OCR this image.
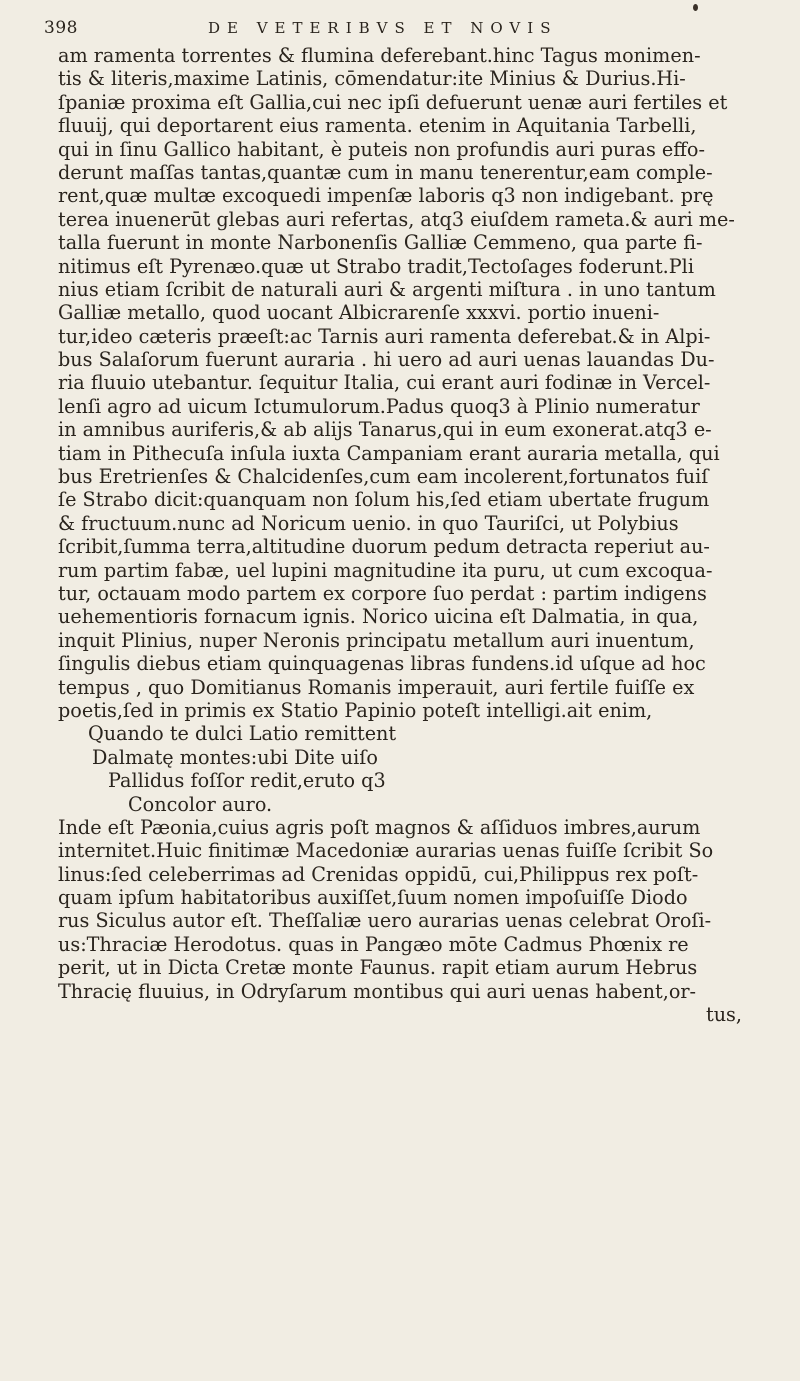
398	DE VETERIBVS ET NOVIS
am ramenta torrentes & flumina deferebant.hinc Tagus monimen-
tis & literis,maxime Latinis, cōmendatur:ite Minius & Durius.Hi-
ſpaniæ proxima eſt Gallia,cui nec ipſi defuerunt uenæ auri fertiles et
fluuij, qui deportarent eius ramenta. etenim in Aquitania Tarbelli,
qui in ſinu Gallico habitant, è puteis non profundis auri puras effo-
derunt maſſas tantas,quantæ cum in manu tenerentur,eam comple-
rent,quæ multæ excoquedi impenſæ laboris q3 non indigebant. prę
terea inuenerūt glebas auri refertas, atq3 eiuſdem rameta.& auri me-
talla fuerunt in monte Narbonenſis Galliæ Cemmeno, qua parte fi-
nitimus eſt Pyrenæo.quæ ut Strabo tradit,Tectoſages foderunt.Pli
nius etiam ſcribit de naturali auri & argenti miſtura . in uno tantum
Galliæ metallo, quod uocant Albicrarenſe xxxvi. portio inueni-
tur,ideo cæteris præeſt:ac Tarnis auri ramenta deferebat.& in Alpi-
bus Salaſorum fuerunt auraria . hi uero ad auri uenas lauandas Du-
ria fluuio utebantur. ſequitur Italia, cui erant auri fodinæ in Vercel-
lenſi agro ad uicum Ictumulorum.Padus quoq3 à Plinio numeratur
in amnibus auriferis,& ab alijs Tanarus,qui in eum exonerat.atq3 e-
tiam in Pithecuſa inſula iuxta Campaniam erant auraria metalla, qui
bus Eretrienſes & Chalcidenſes,cum eam incolerent,fortunatos fuiſ
ſe Strabo dicit:quanquam non ſolum his,ſed etiam ubertate frugum
& fructuum.nunc ad Noricum uenio. in quo Tauriſci, ut Polybius
ſcribit,ſumma terra,altitudine duorum pedum detracta reperiut au-
rum partim fabæ, uel lupini magnitudine ita puru, ut cum excoqua-
tur, octauam modo partem ex corpore ſuo perdat : partim indigens
uehementioris fornacum ignis. Norico uicina eſt Dalmatia, in qua,
inquit Plinius, nuper Neronis principatu metallum auri inuentum,
ſingulis diebus etiam quinquagenas libras fundens.id uſque ad hoc
tempus , quo Domitianus Romanis imperauit, auri fertile fuiſſe ex
poetis,ſed in primis ex Statio Papinio poteſt intelligi.ait enim,
Quando te dulci Latio remittent
Dalmatę montes:ubi Dite uiſo
Pallidus foſſor redit,eruto q3
Concolor auro.
Inde eſt Pæonia,cuius agris poſt magnos & aſſiduos imbres,aurum
internitet.Huic finitimæ Macedoniæ aurarias uenas fuiſſe ſcribit So
linus:ſed celeberrimas ad Crenidas oppidū, cui,Philippus rex poſt-
quam ipſum habitatoribus auxiſſet,ſuum nomen impoſuiſſe Diodo
rus Siculus autor eſt. Theſſaliæ uero aurarias uenas celebrat Oroſi-
us:Thraciæ Herodotus. quas in Pangæo mōte Cadmus Phœnix re
perit, ut in Dicta Cretæ monte Faunus. rapit etiam aurum Hebrus
Thracię fluuius, in Odryſarum montibus qui auri uenas habent,or-
tus,
